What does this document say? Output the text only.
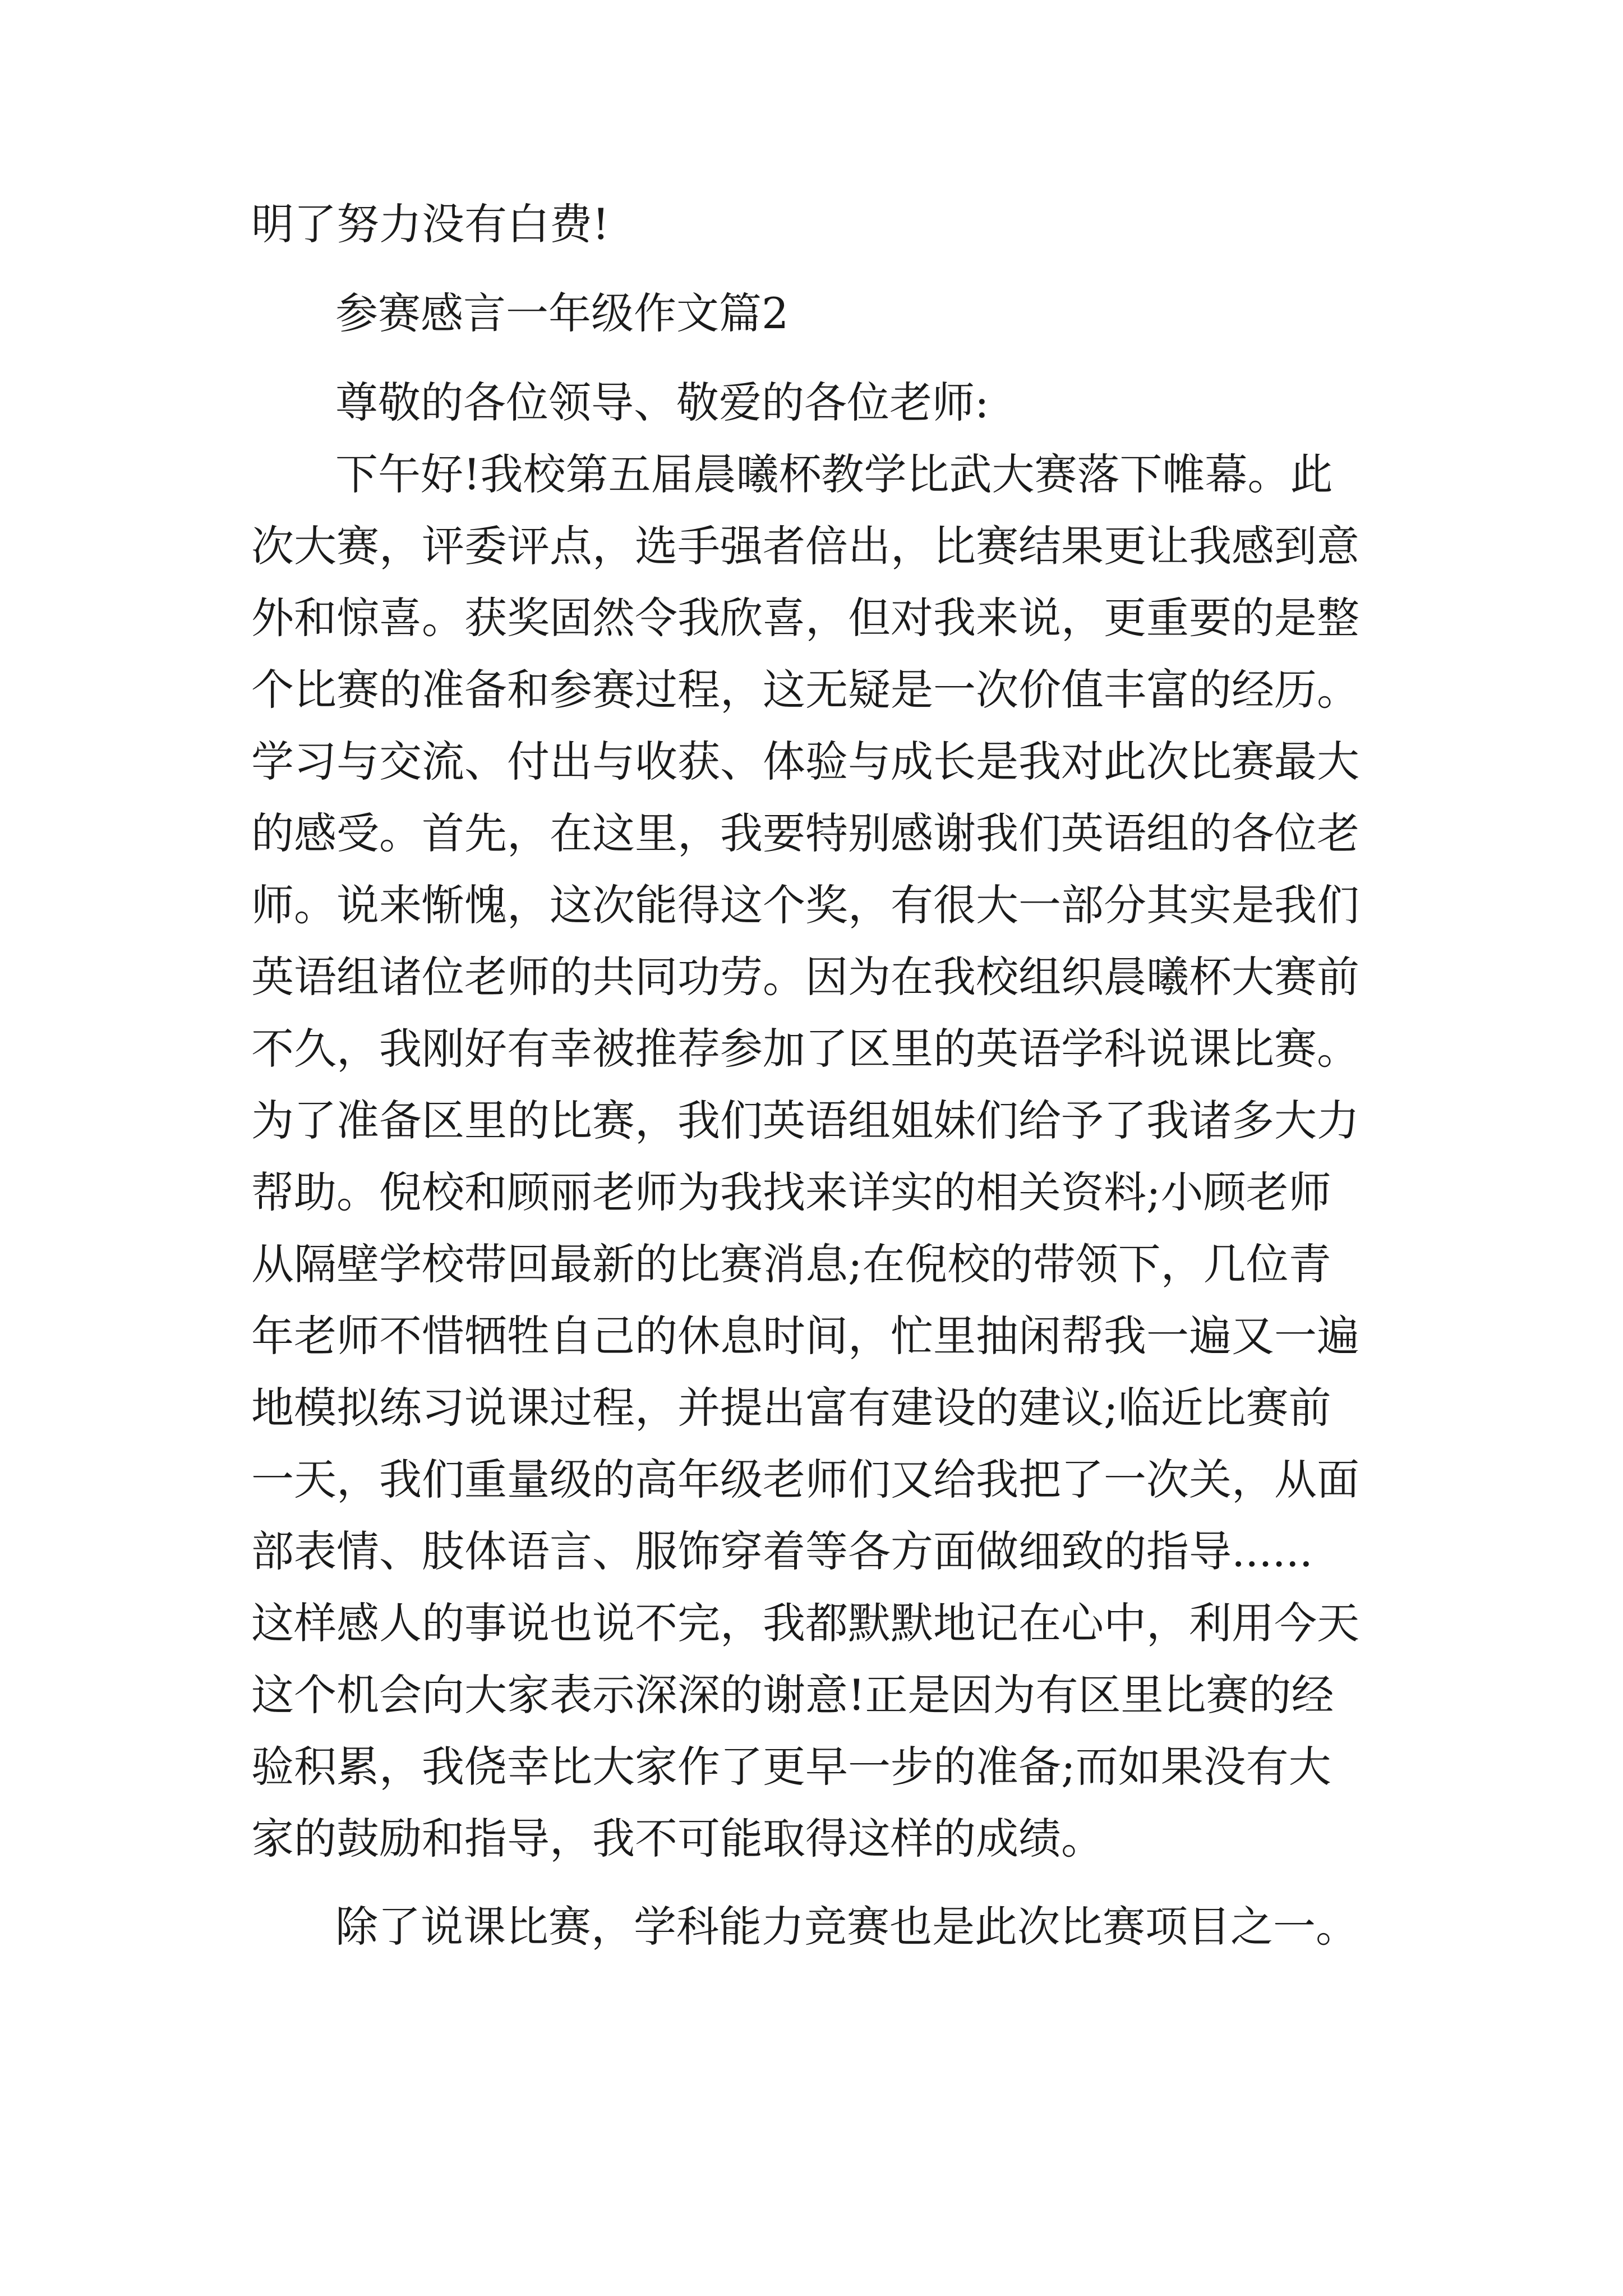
明了努力没有白费!
参赛感言一年级作文篇2
尊敬的各位领导、敬爱的各位老师:
下午好!我校第五届晨曦杯教学比武大赛落下帷幕。此
次大赛，评委评点，选手强者倍出，比赛结果更让我感到意
外和惊喜。获奖固然令我欣喜，但对我来说，更重要的是整
个比赛的准备和参赛过程，这无疑是一次价值丰富的经历。
学习与交流、付出与收获、体验与成长是我对此次比赛最大
的感受。首先，在这里，我要特别感谢我们英语组的各位老
师。说来惭愧，这次能得这个奖，有很大一部分其实是我们
英语组诸位老师的共同功劳。因为在我校组织晨曦杯大赛前
不久，我刚好有幸被推荐参加了区里的英语学科说课比赛。
为了准备区里的比赛，我们英语组姐妹们给予了我诸多大力
帮助。倪校和顾丽老师为我找来详实的相关资料;小顾老师
从隔壁学校带回最新的比赛消息;在倪校的带领下，几位青
年老师不惜牺牲自己的休息时间，忙里抽闲帮我一遍又一遍
地模拟练习说课过程，并提出富有建设的建议;临近比赛前
一天，我们重量级的高年级老师们又给我把了一次关，从面
部表情、肢体语言、服饰穿着等各方面做细致的指导......
这样感人的事说也说不完，我都默默地记在心中，利用今天
这个机会向大家表示深深的谢意!正是因为有区里比赛的经
验积累，我侥幸比大家作了更早一步的准备;而如果没有大
家的鼓励和指导，我不可能取得这样的成绩。
除了说课比赛，学科能力竞赛也是此次比赛项目之一。
